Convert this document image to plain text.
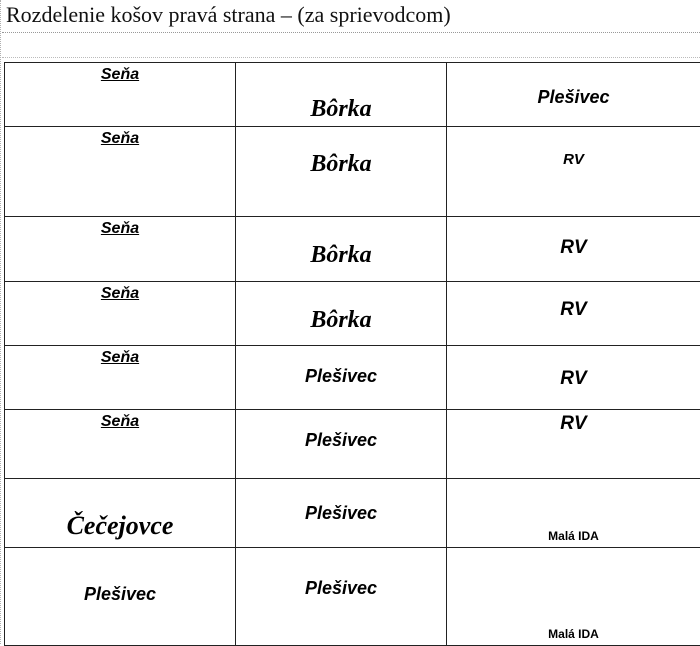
Rozdelenie košov pravá strana – (za sprievodcom)
Seňa	Bôrka	Plešivec

Seňa	Bôrka	RV

Seňa	Bôrka	RV

Seňa	Bôrka	RV

Seňa	Plešivec	RV

Seňa	Plešivec	RV

Čečejovce	Plešivec	Malá IDA

Plešivec	Plešivec	Malá IDA
